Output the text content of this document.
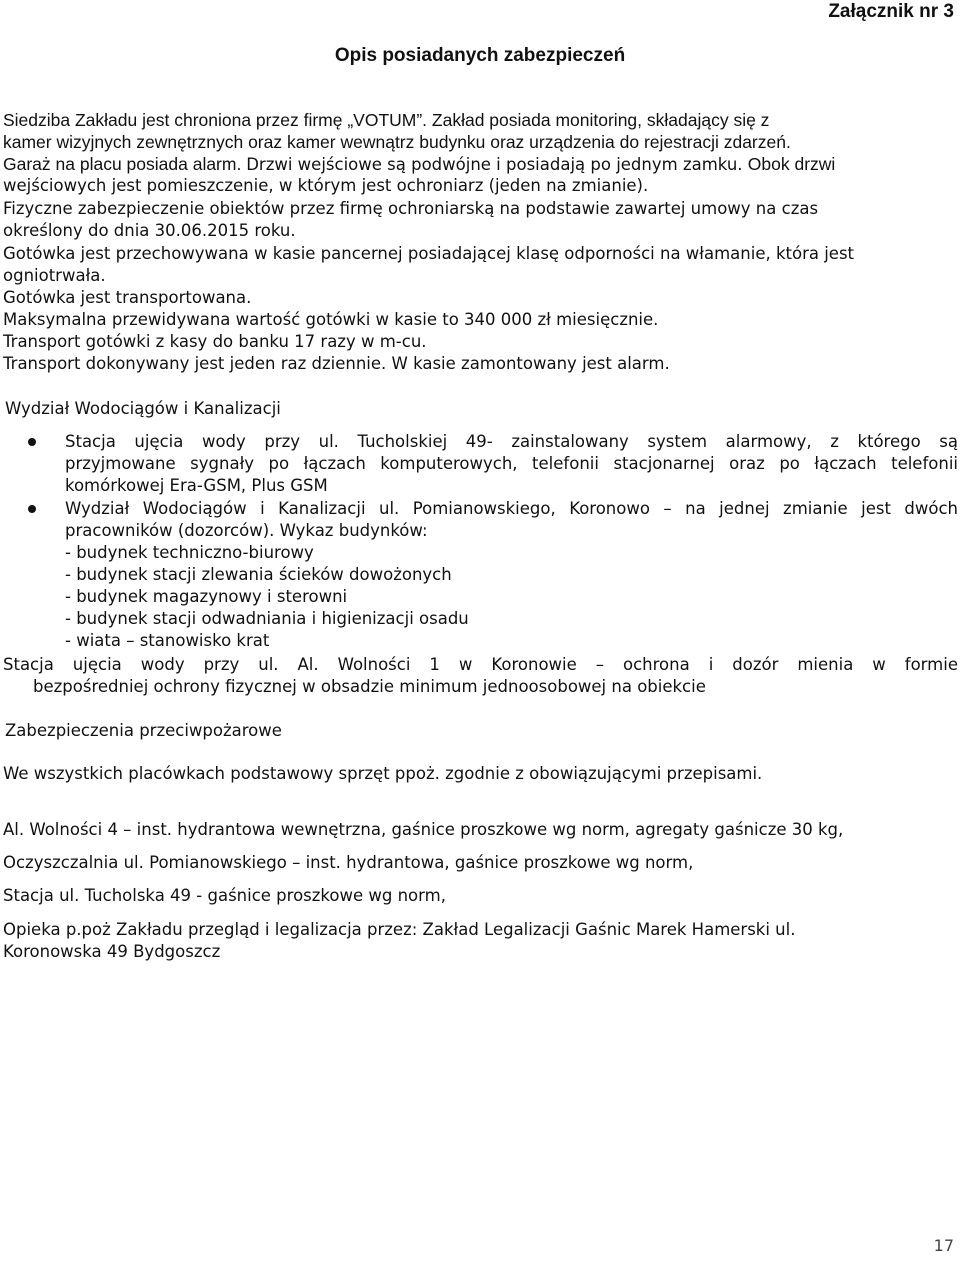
Załącznik nr 3
Opis posiadanych zabezpieczeń
Siedziba Zakładu jest chroniona przez firmę „VOTUM”. Zakład posiada monitoring, składający się z
kamer wizyjnych zewnętrznych oraz kamer wewnątrz budynku oraz urządzenia do rejestracji zdarzeń.
Garaż na placu posiada alarm. Drzwi wejściowe są podwójne i posiadają po jednym zamku. Obok drzwi
wejściowych jest pomieszczenie, w którym jest ochroniarz (jeden na zmianie).
Fizyczne zabezpieczenie obiektów przez firmę ochroniarską na podstawie zawartej umowy na czas
określony do dnia 30.06.2015 roku.
Gotówka jest przechowywana w kasie pancernej posiadającej klasę odporności na włamanie, która jest
ogniotrwała.
Gotówka jest transportowana.
Maksymalna przewidywana wartość gotówki w kasie to 340 000 zł miesięcznie.
Transport gotówki z kasy do banku 17 razy w m-cu.
Transport dokonywany jest jeden raz dziennie. W kasie zamontowany jest alarm.
Wydział Wodociągów i Kanalizacji
Stacja ujęcia wody przy ul. Tucholskiej 49- zainstalowany system alarmowy, z którego są
przyjmowane sygnały po łączach komputerowych, telefonii stacjonarnej oraz po łączach telefonii
komórkowej Era-GSM, Plus GSM
Wydział Wodociągów i Kanalizacji ul. Pomianowskiego, Koronowo – na jednej zmianie jest dwóch
pracowników (dozorców). Wykaz budynków:
- budynek techniczno-biurowy
- budynek stacji zlewania ścieków dowożonych
- budynek magazynowy i sterowni
- budynek stacji odwadniania i higienizacji osadu
- wiata – stanowisko krat
Stacja ujęcia wody przy ul. Al. Wolności 1 w Koronowie – ochrona i dozór mienia w formie
bezpośredniej ochrony fizycznej w obsadzie minimum jednoosobowej na obiekcie
Zabezpieczenia przeciwpożarowe
We wszystkich placówkach podstawowy sprzęt ppoż. zgodnie z obowiązującymi przepisami.
Al. Wolności 4 – inst. hydrantowa wewnętrzna, gaśnice proszkowe wg norm, agregaty gaśnicze 30 kg,
Oczyszczalnia ul. Pomianowskiego – inst. hydrantowa, gaśnice proszkowe wg norm,
Stacja ul. Tucholska 49 - gaśnice proszkowe wg norm,
Opieka p.poż Zakładu przegląd i legalizacja przez: Zakład Legalizacji Gaśnic Marek Hamerski ul.
Koronowska 49 Bydgoszcz
17
